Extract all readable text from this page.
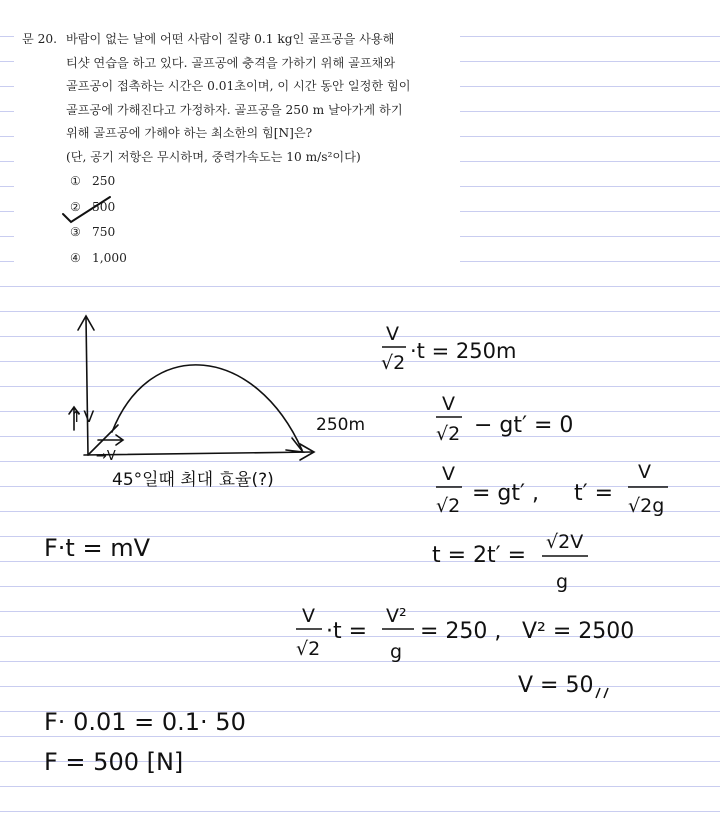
문 20. 바람이 없는 날에 어떤 사람이 질량 0.1 kg인 골프공을 사용해
티샷 연습을 하고 있다. 골프공에 충격을 가하기 위해 골프채와
골프공이 접촉하는 시간은 0.01초이며, 이 시간 동안 일정한 힘이
골프공에 가해진다고 가정하자. 골프공을 250 m 날아가게 하기
위해 골프공에 가해야 하는 최소한의 힘[N]은?
(단, 공기 저항은 무시하며, 중력가속도는 10 m/s²이다)
① 250
② 500
③ 750
④ 1,000
↑V
→V
250m
45°일때 최대 효율(?)
F·t = mV
V
√2 ·t = 250m
V
√2 − gt′ = 0
V
√2 = gt′ , t′ =
V
√2g
t = 2t′ =
√2V
g
V
√2
·t =
V²
g
= 250 , V² = 2500
V = 50
F· 0.01 = 0.1· 50
F = 500 [N]
